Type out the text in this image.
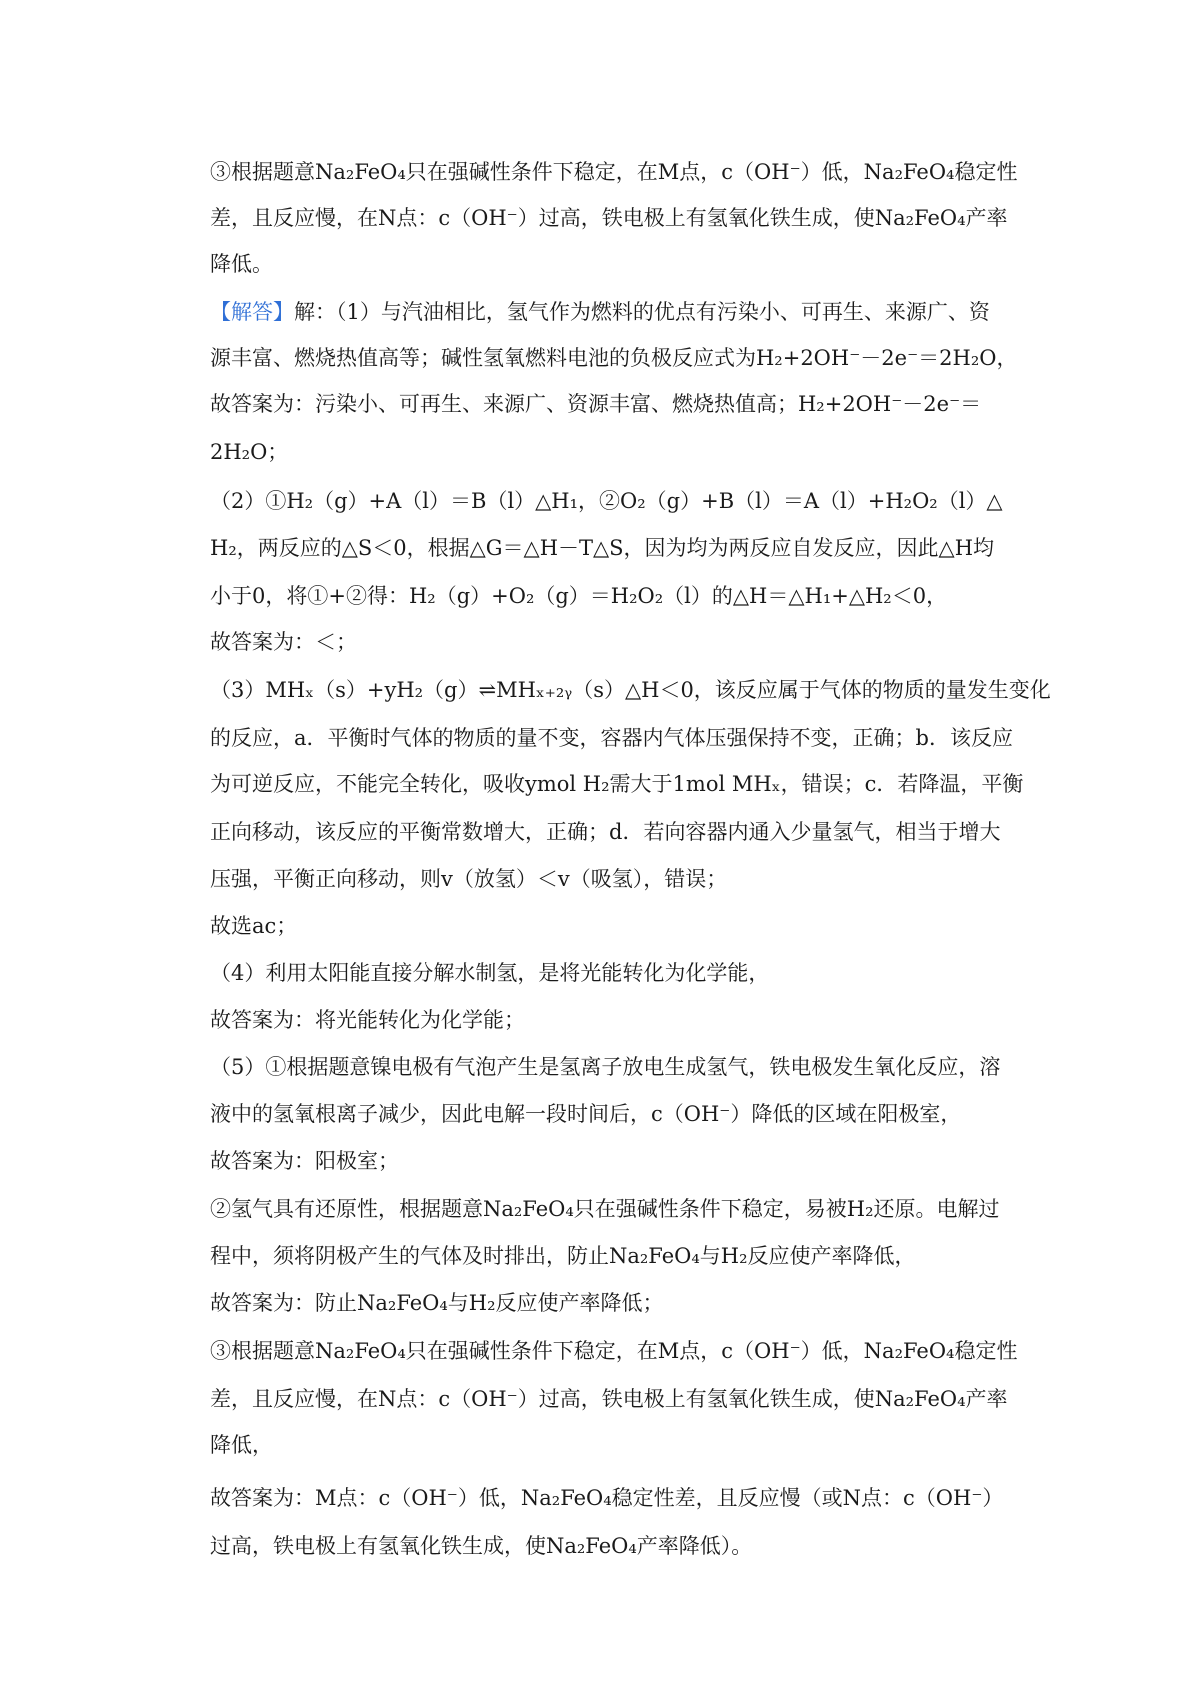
③根据题意Na₂FeO₄只在强碱性条件下稳定，在M点，c（OH⁻）低，Na₂FeO₄稳定性
差，且反应慢，在N点：c（OH⁻）过高，铁电极上有氢氧化铁生成，使Na₂FeO₄产率
降低。
【解答】解：（1）与汽油相比，氢气作为燃料的优点有污染小、可再生、来源广、资
源丰富、燃烧热值高等；碱性氢氧燃料电池的负极反应式为H₂+2OH⁻－2e⁻＝2H₂O，
故答案为：污染小、可再生、来源广、资源丰富、燃烧热值高；H₂+2OH⁻－2e⁻＝
2H₂O；
（2）①H₂（g）+A（l）＝B（l）△H₁，②O₂（g）+B（l）＝A（l）+H₂O₂（l）△
H₂，两反应的△S＜0，根据△G＝△H－T△S，因为均为两反应自发反应，因此△H均
小于0，将①+②得：H₂（g）+O₂（g）＝H₂O₂（l）的△H＝△H₁+△H₂＜0，
故答案为：＜；
（3）MHₓ（s）+yH₂（g）⇌MHₓ₊₂ᵧ（s）△H＜0，该反应属于气体的物质的量发生变化
的反应，a．平衡时气体的物质的量不变，容器内气体压强保持不变，正确；b．该反应
为可逆反应，不能完全转化，吸收ymol H₂需大于1mol MHₓ，错误；c．若降温，平衡
正向移动，该反应的平衡常数增大，正确；d．若向容器内通入少量氢气，相当于增大
压强，平衡正向移动，则v（放氢）＜v（吸氢），错误；
故选ac；
（4）利用太阳能直接分解水制氢，是将光能转化为化学能，
故答案为：将光能转化为化学能；
（5）①根据题意镍电极有气泡产生是氢离子放电生成氢气，铁电极发生氧化反应，溶
液中的氢氧根离子减少，因此电解一段时间后，c（OH⁻）降低的区域在阳极室，
故答案为：阳极室；
②氢气具有还原性，根据题意Na₂FeO₄只在强碱性条件下稳定，易被H₂还原。电解过
程中，须将阴极产生的气体及时排出，防止Na₂FeO₄与H₂反应使产率降低，
故答案为：防止Na₂FeO₄与H₂反应使产率降低；
③根据题意Na₂FeO₄只在强碱性条件下稳定，在M点，c（OH⁻）低，Na₂FeO₄稳定性
差，且反应慢，在N点：c（OH⁻）过高，铁电极上有氢氧化铁生成，使Na₂FeO₄产率
降低，
故答案为：M点：c（OH⁻）低，Na₂FeO₄稳定性差，且反应慢（或N点：c（OH⁻）
过高，铁电极上有氢氧化铁生成，使Na₂FeO₄产率降低）。
